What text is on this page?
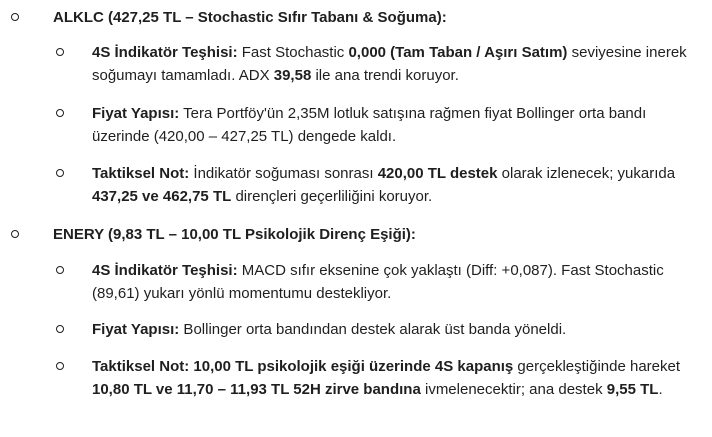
ALKLC (427,25 TL – Stochastic Sıfır Tabanı & Soğuma):
4S İndikatör Teşhisi: Fast Stochastic 0,000 (Tam Taban / Aşırı Satım) seviyesine inerek soğumayı tamamladı. ADX 39,58 ile ana trendi koruyor.
Fiyat Yapısı: Tera Portföy'ün 2,35M lotluk satışına rağmen fiyat Bollinger orta bandı üzerinde (420,00 – 427,25 TL) dengede kaldı.
Taktiksel Not: İndikatör soğuması sonrası 420,00 TL destek olarak izlenecek; yukarıda 437,25 ve 462,75 TL dirençleri geçerliliğini koruyor.
ENERY (9,83 TL – 10,00 TL Psikolojik Direnç Eşiği):
4S İndikatör Teşhisi: MACD sıfır eksenine çok yaklaştı (Diff: +0,087). Fast Stochastic (89,61) yukarı yönlü momentumu destekliyor.
Fiyat Yapısı: Bollinger orta bandından destek alarak üst banda yöneldi.
Taktiksel Not: 10,00 TL psikolojik eşiği üzerinde 4S kapanış gerçekleştiğinde hareket 10,80 TL ve 11,70 – 11,93 TL 52H zirve bandına ivmelenecektir; ana destek 9,55 TL.
